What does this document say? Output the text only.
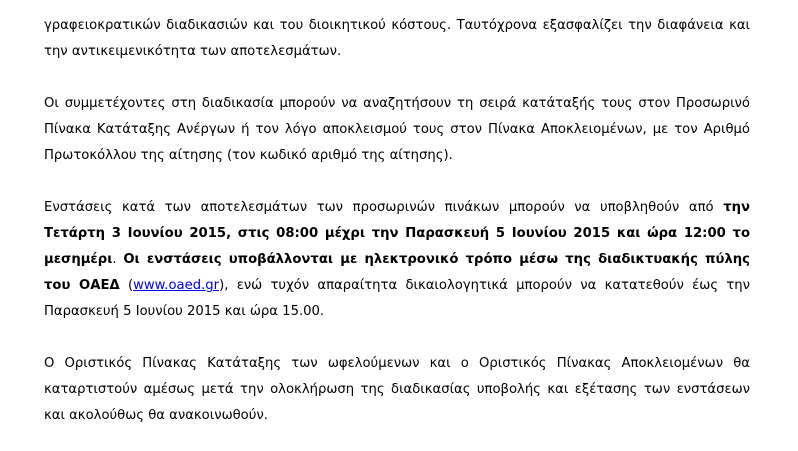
γραφειοκρατικών διαδικασιών και του διοικητικού κόστους. Ταυτόχρονα εξασφαλίζει την διαφάνεια και την αντικειμενικότητα των αποτελεσμάτων.

Οι συμμετέχοντες στη διαδικασία μπορούν να αναζητήσουν τη σειρά κατάταξής τους στον Προσωρινό Πίνακα Κατάταξης Ανέργων ή τον λόγο αποκλεισμού τους στον Πίνακα Αποκλειομένων, με τον Αριθμό Πρωτοκόλλου της αίτησης (τον κωδικό αριθμό της αίτησης).

Ενστάσεις κατά των αποτελεσμάτων των προσωρινών πινάκων μπορούν να υποβληθούν από την Τετάρτη 3 Ιουνίου 2015, στις 08:00 μέχρι την Παρασκευή 5 Ιουνίου 2015 και ώρα 12:00 το μεσημέρι. Οι ενστάσεις υποβάλλονται με ηλεκτρονικό τρόπο μέσω της διαδικτυακής πύλης του ΟΑΕΔ (www.oaed.gr), ενώ τυχόν απαραίτητα δικαιολογητικά μπορούν να κατατεθούν έως την Παρασκευή 5 Ιουνίου 2015 και ώρα 15.00.

Ο Οριστικός Πίνακας Κατάταξης των ωφελούμενων και ο Οριστικός Πίνακας Αποκλειομένων θα καταρτιστούν αμέσως μετά την ολοκλήρωση της διαδικασίας υποβολής και εξέτασης των ενστάσεων και ακολούθως θα ανακοινωθούν.
